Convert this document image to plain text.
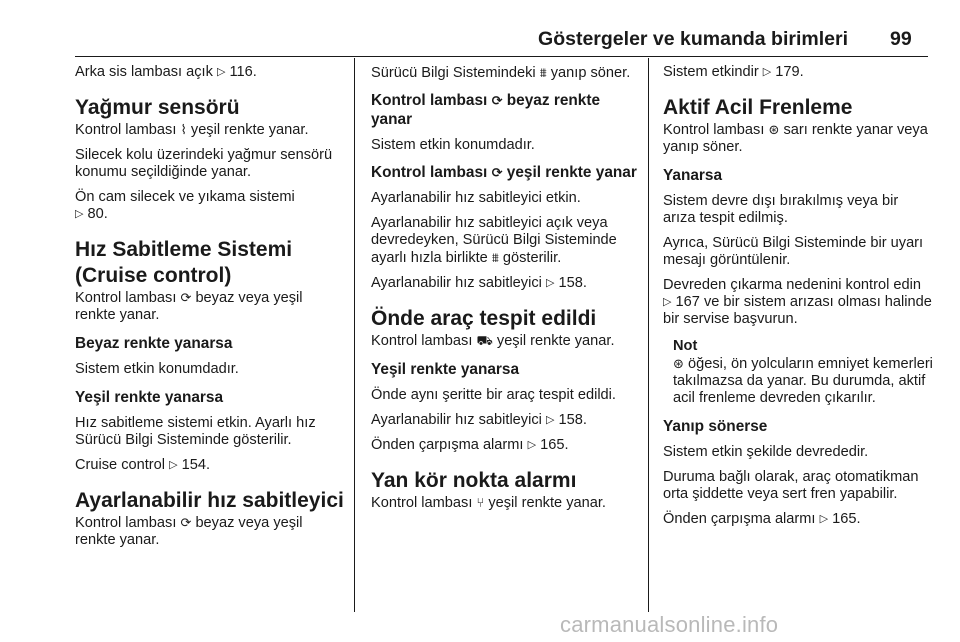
Göstergeler ve kumanda birimleri 99

Arka sis lambası açık ▷ 116.

Yağmur sensörü

Kontrol lambası ⌇ yeşil renkte yanar.

Silecek kolu üzerindeki yağmur sensörü konumu seçildiğinde yanar.

Ön cam silecek ve yıkama sistemi
▷ 80.

Hız Sabitleme Sistemi (Cruise control)

Kontrol lambası ⟳ beyaz veya yeşil renkte yanar.

Beyaz renkte yanarsa

Sistem etkin konumdadır.

Yeşil renkte yanarsa

Hız sabitleme sistemi etkin. Ayarlı hız Sürücü Bilgi Sisteminde gösterilir.

Cruise control ▷ 154.

Ayarlanabilir hız sabitleyici

Kontrol lambası ⟳ beyaz veya yeşil renkte yanar.

Sürücü Bilgi Sistemindeki ⩩ yanıp söner.

Kontrol lambası ⟳ beyaz renkte yanar

Sistem etkin konumdadır.

Kontrol lambası ⟳ yeşil renkte yanar

Ayarlanabilir hız sabitleyici etkin.

Ayarlanabilir hız sabitleyici açık veya devredeyken, Sürücü Bilgi Sisteminde ayarlı hızla birlikte ⩩ gösterilir.

Ayarlanabilir hız sabitleyici ▷ 158.

Önde araç tespit edildi

Kontrol lambası ⛟ yeşil renkte yanar.

Yeşil renkte yanarsa

Önde aynı şeritte bir araç tespit edildi.

Ayarlanabilir hız sabitleyici ▷ 158.

Önden çarpışma alarmı ▷ 165.

Yan kör nokta alarmı

Kontrol lambası ⑂ yeşil renkte yanar.

Sistem etkindir ▷ 179.

Aktif Acil Frenleme

Kontrol lambası ⊛ sarı renkte yanar veya yanıp söner.

Yanarsa

Sistem devre dışı bırakılmış veya bir arıza tespit edilmiş.

Ayrıca, Sürücü Bilgi Sisteminde bir uyarı mesajı görüntülenir.

Devreden çıkarma nedenini kontrol edin ▷ 167 ve bir sistem arızası olması halinde bir servise başvurun.

Not

⊛ öğesi, ön yolcuların emniyet kemerleri takılmazsa da yanar. Bu durumda, aktif acil frenleme devreden çıkarılır.

Yanıp sönerse

Sistem etkin şekilde devrededir.

Duruma bağlı olarak, araç otomatikman orta şiddette veya sert fren yapabilir.

Önden çarpışma alarmı ▷ 165.

carmanualsonline.info
